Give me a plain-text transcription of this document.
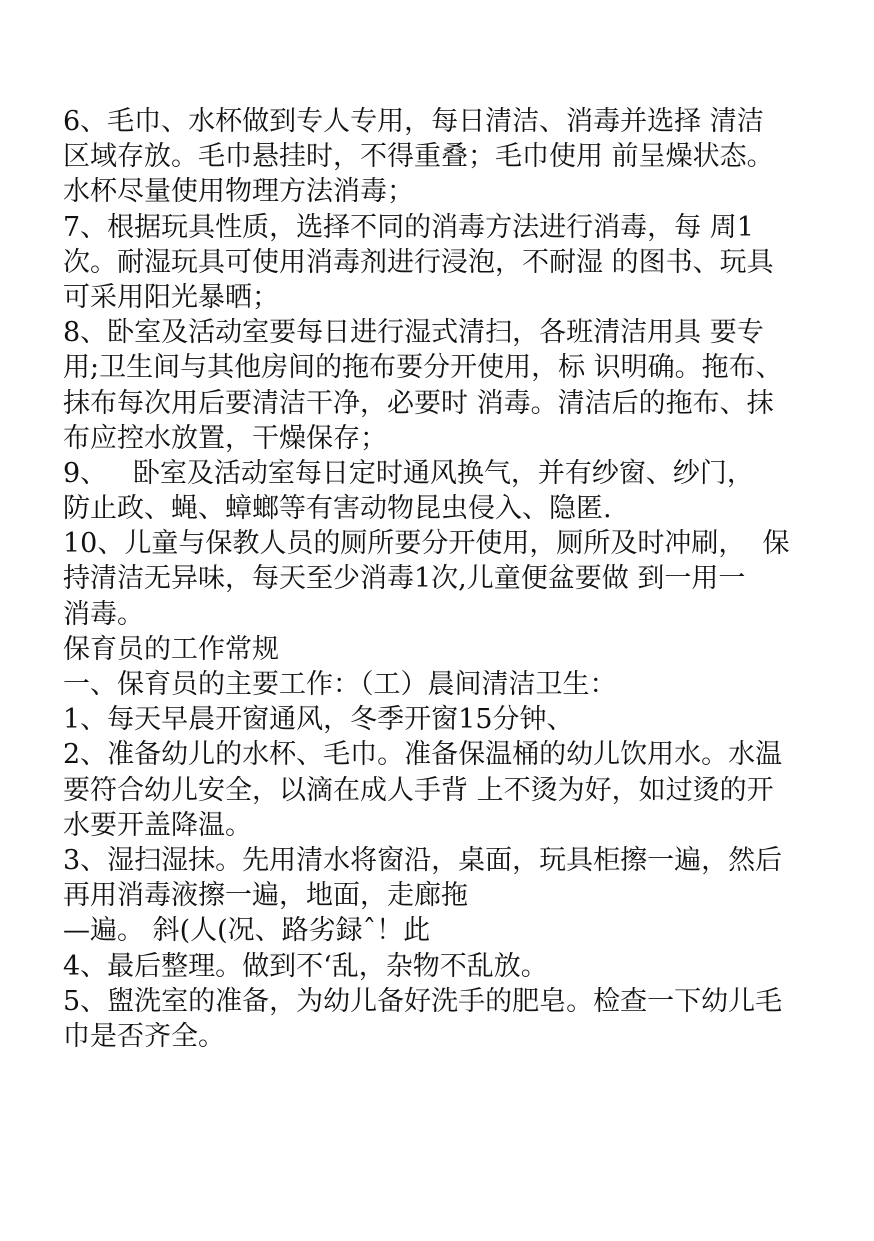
6、毛巾、水杯做到专人专用，每日清洁、消毒并选择 清洁
区域存放。毛巾悬挂时，不得重叠；毛巾使用 前呈燥状态。
水杯尽量使用物理方法消毒；
7、根据玩具性质，选择不同的消毒方法进行消毒，每 周1
次。耐湿玩具可使用消毒剂进行浸泡，不耐湿 的图书、玩具
可采用阳光暴晒；
8、卧室及活动室要每日进行湿式清扫，各班清洁用具 要专
用;卫生间与其他房间的拖布要分开使用，标 识明确。拖布、
抹布每次用后要清洁干净，必要时 消毒。清洁后的拖布、抹
布应控水放置，干燥保存；
9、   卧室及活动室每日定时通风换气，并有纱窗、纱门，
防止政、蝇、蟑螂等有害动物昆虫侵入、隐匿.
10、儿童与保教人员的厕所要分开使用，厕所及时冲刷，  保
持清洁无异味，每天至少消毒1次,儿童便盆要做 到一用一
消毒。
保育员的工作常规
一、保育员的主要工作：（工）晨间清洁卫生：
1、每天早晨开窗通风，冬季开窗15分钟、
2、准备幼儿的水杯、毛巾。准备保温桶的幼儿饮用水。水温
要符合幼儿安全，以滴在成人手背 上不烫为好，如过烫的开
水要开盖降温。
3、湿扫湿抹。先用清水将窗沿，桌面，玩具柜擦一遍，然后
再用消毒液擦一遍，地面，走廊拖
—遍。 斜(人(况、路劣録ˆ！此
4、最后整理。做到不‘乱，杂物不乱放。
5、盥洗室的准备，为幼儿备好洗手的肥皂。检查一下幼儿毛
巾是否齐全。
